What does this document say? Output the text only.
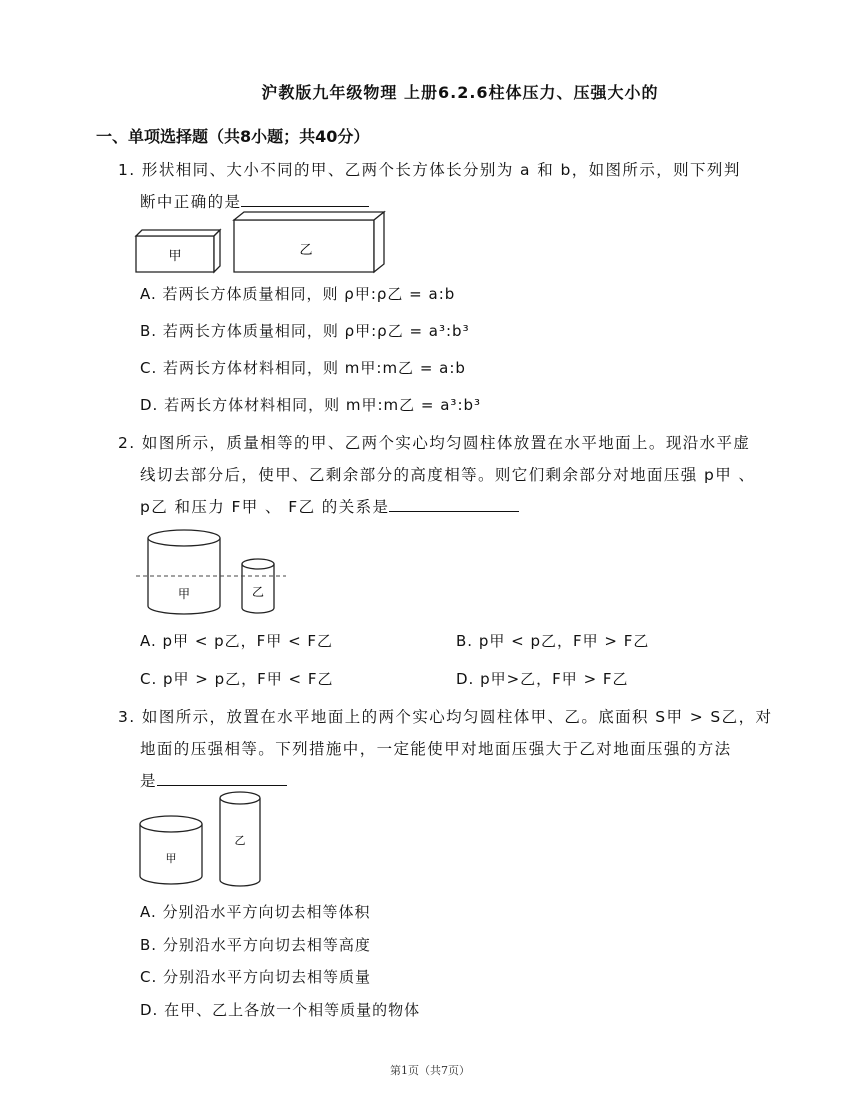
沪教版九年级物理 上册6.2.6柱体压力、压强大小的
一、单项选择题（共8小题；共40分）
1. 形状相同、大小不同的甲、乙两个长方体长分别为 a 和 b，如图所示，则下列判
断中正确的是
甲	乙
A. 若两长方体质量相同，则 ρ甲:ρ乙 = a:b
B. 若两长方体质量相同，则 ρ甲:ρ乙 = a³:b³
C. 若两长方体材料相同，则 m甲:m乙 = a:b
D. 若两长方体材料相同，则 m甲:m乙 = a³:b³
2. 如图所示，质量相等的甲、乙两个实心均匀圆柱体放置在水平地面上。现沿水平虚
线切去部分后，使甲、乙剩余部分的高度相等。则它们剩余部分对地面压强 p甲 、
p乙 和压力 F甲 、 F乙 的关系是
甲	乙
A. p甲 < p乙，F甲 < F乙	B. p甲 < p乙，F甲 > F乙
C. p甲 > p乙，F甲 < F乙	D. p甲>乙，F甲 > F乙
3. 如图所示，放置在水平地面上的两个实心均匀圆柱体甲、乙。底面积 S甲 > S乙，对
地面的压强相等。下列措施中，一定能使甲对地面压强大于乙对地面压强的方法
是
甲
乙
A. 分别沿水平方向切去相等体积
B. 分别沿水平方向切去相等高度
C. 分别沿水平方向切去相等质量
D. 在甲、乙上各放一个相等质量的物体
第1页（共7页）
